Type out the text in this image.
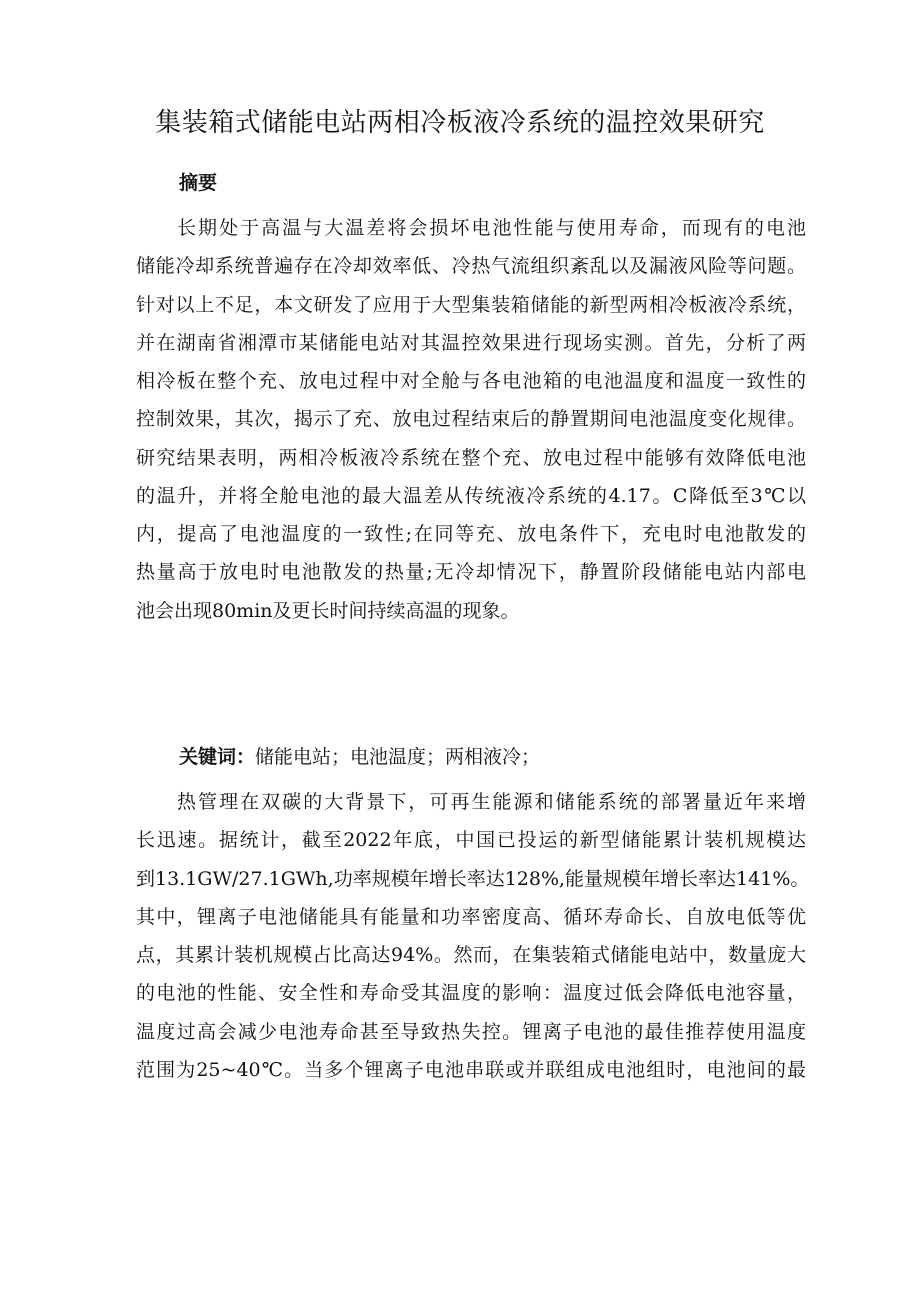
集装箱式储能电站两相冷板液冷系统的温控效果研究
摘要
长期处于高温与大温差将会损坏电池性能与使用寿命，而现有的电池
储能冷却系统普遍存在冷却效率低、冷热气流组织紊乱以及漏液风险等问题。
针对以上不足，本文研发了应用于大型集装箱储能的新型两相冷板液冷系统，
并在湖南省湘潭市某储能电站对其温控效果进行现场实测。首先，分析了两
相冷板在整个充、放电过程中对全舱与各电池箱的电池温度和温度一致性的
控制效果，其次，揭示了充、放电过程结束后的静置期间电池温度变化规律。
研究结果表明，两相冷板液冷系统在整个充、放电过程中能够有效降低电池
的温升，并将全舱电池的最大温差从传统液冷系统的4.17。C降低至3℃以
内，提高了电池温度的一致性;在同等充、放电条件下，充电时电池散发的
热量高于放电时电池散发的热量;无冷却情况下，静置阶段储能电站内部电
池会出现80min及更长时间持续高温的现象。
关键词：储能电站；电池温度；两相液冷；
热管理在双碳的大背景下，可再生能源和储能系统的部署量近年来增
长迅速。据统计，截至2022年底，中国已投运的新型储能累计装机规模达
到13.1GW/27.1GWh,功率规模年增长率达128%,能量规模年增长率达141%。
其中，锂离子电池储能具有能量和功率密度高、循环寿命长、自放电低等优
点，其累计装机规模占比高达94%。然而，在集装箱式储能电站中，数量庞大
的电池的性能、安全性和寿命受其温度的影响：温度过低会降低电池容量，
温度过高会减少电池寿命甚至导致热失控。锂离子电池的最佳推荐使用温度
范围为25~40℃。当多个锂离子电池串联或并联组成电池组时，电池间的最
